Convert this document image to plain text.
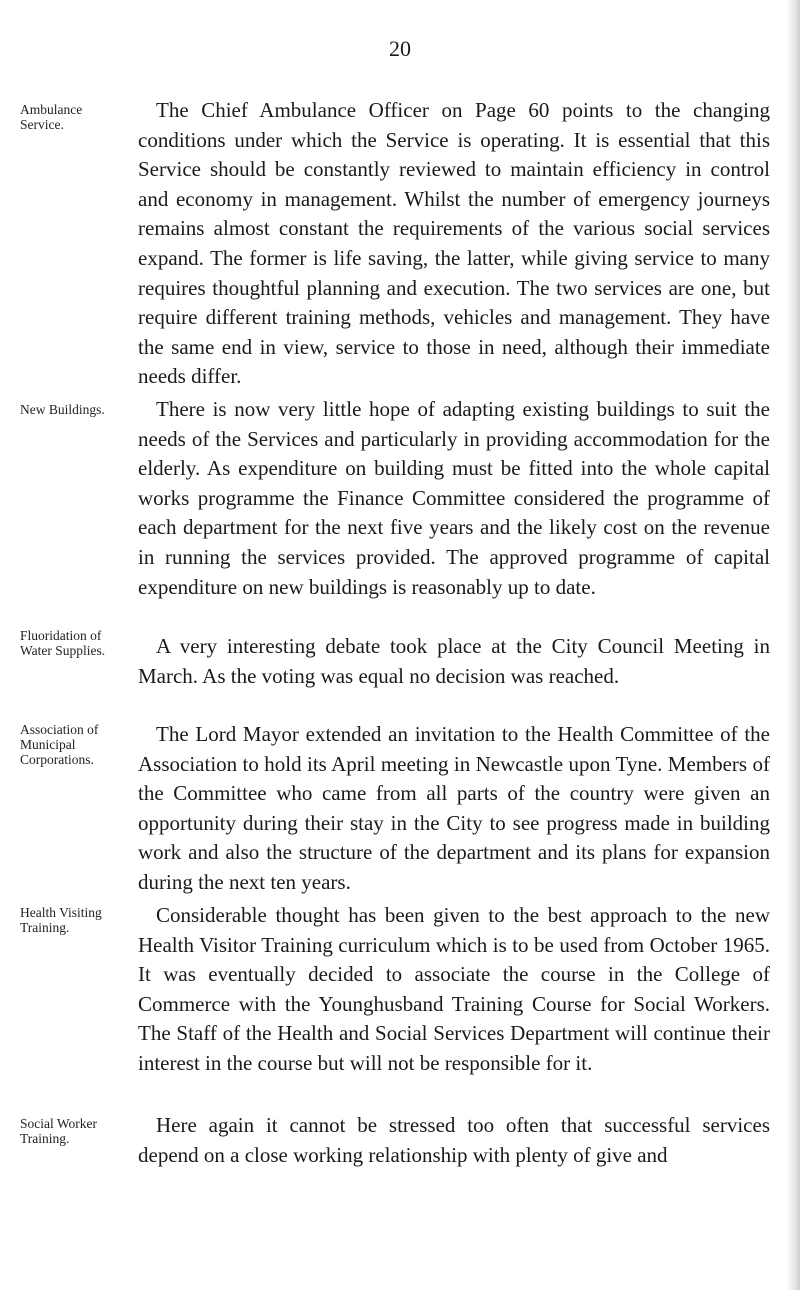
20
Ambulance Service.

The Chief Ambulance Officer on Page 60 points to the changing conditions under which the Service is operating. It is essential that this Service should be constantly reviewed to maintain efficiency in control and economy in management. Whilst the number of emergency journeys remains almost constant the requirements of the various social services expand. The former is life saving, the latter, while giving service to many requires thoughtful planning and execution. The two services are one, but require different training methods, vehicles and management. They have the same end in view, service to those in need, although their immediate needs differ.

New Buildings.	There is now very little hope of adapting existing buildings to suit the needs of the Services and particularly in providing accommodation for the elderly. As expenditure on building must be fitted into the whole capital works programme the Finance Committee considered the programme of each department for the next five years and the likely cost on the revenue in running the services provided. The approved programme of capital expenditure on new buildings is reasonably up to date.

Fluoridation of Water Supplies.	A very interesting debate took place at the City Council Meeting in March. As the voting was equal no decision was reached.

Association of Municipal Corporations.

The Lord Mayor extended an invitation to the Health Committee of the Association to hold its April meeting in Newcastle upon Tyne. Members of the Committee who came from all parts of the country were given an opportunity during their stay in the City to see progress made in building work and also the structure of the department and its plans for expansion during the next ten years.

Health Visiting Training.

Considerable thought has been given to the best approach to the new Health Visitor Training curriculum which is to be used from October 1965. It was eventually decided to associate the course in the College of Commerce with the Younghusband Training Course for Social Workers. The Staff of the Health and Social Services Department will continue their interest in the course but will not be responsible for it.

Social Worker Training.

Here again it cannot be stressed too often that successful services depend on a close working relationship with plenty of give and
